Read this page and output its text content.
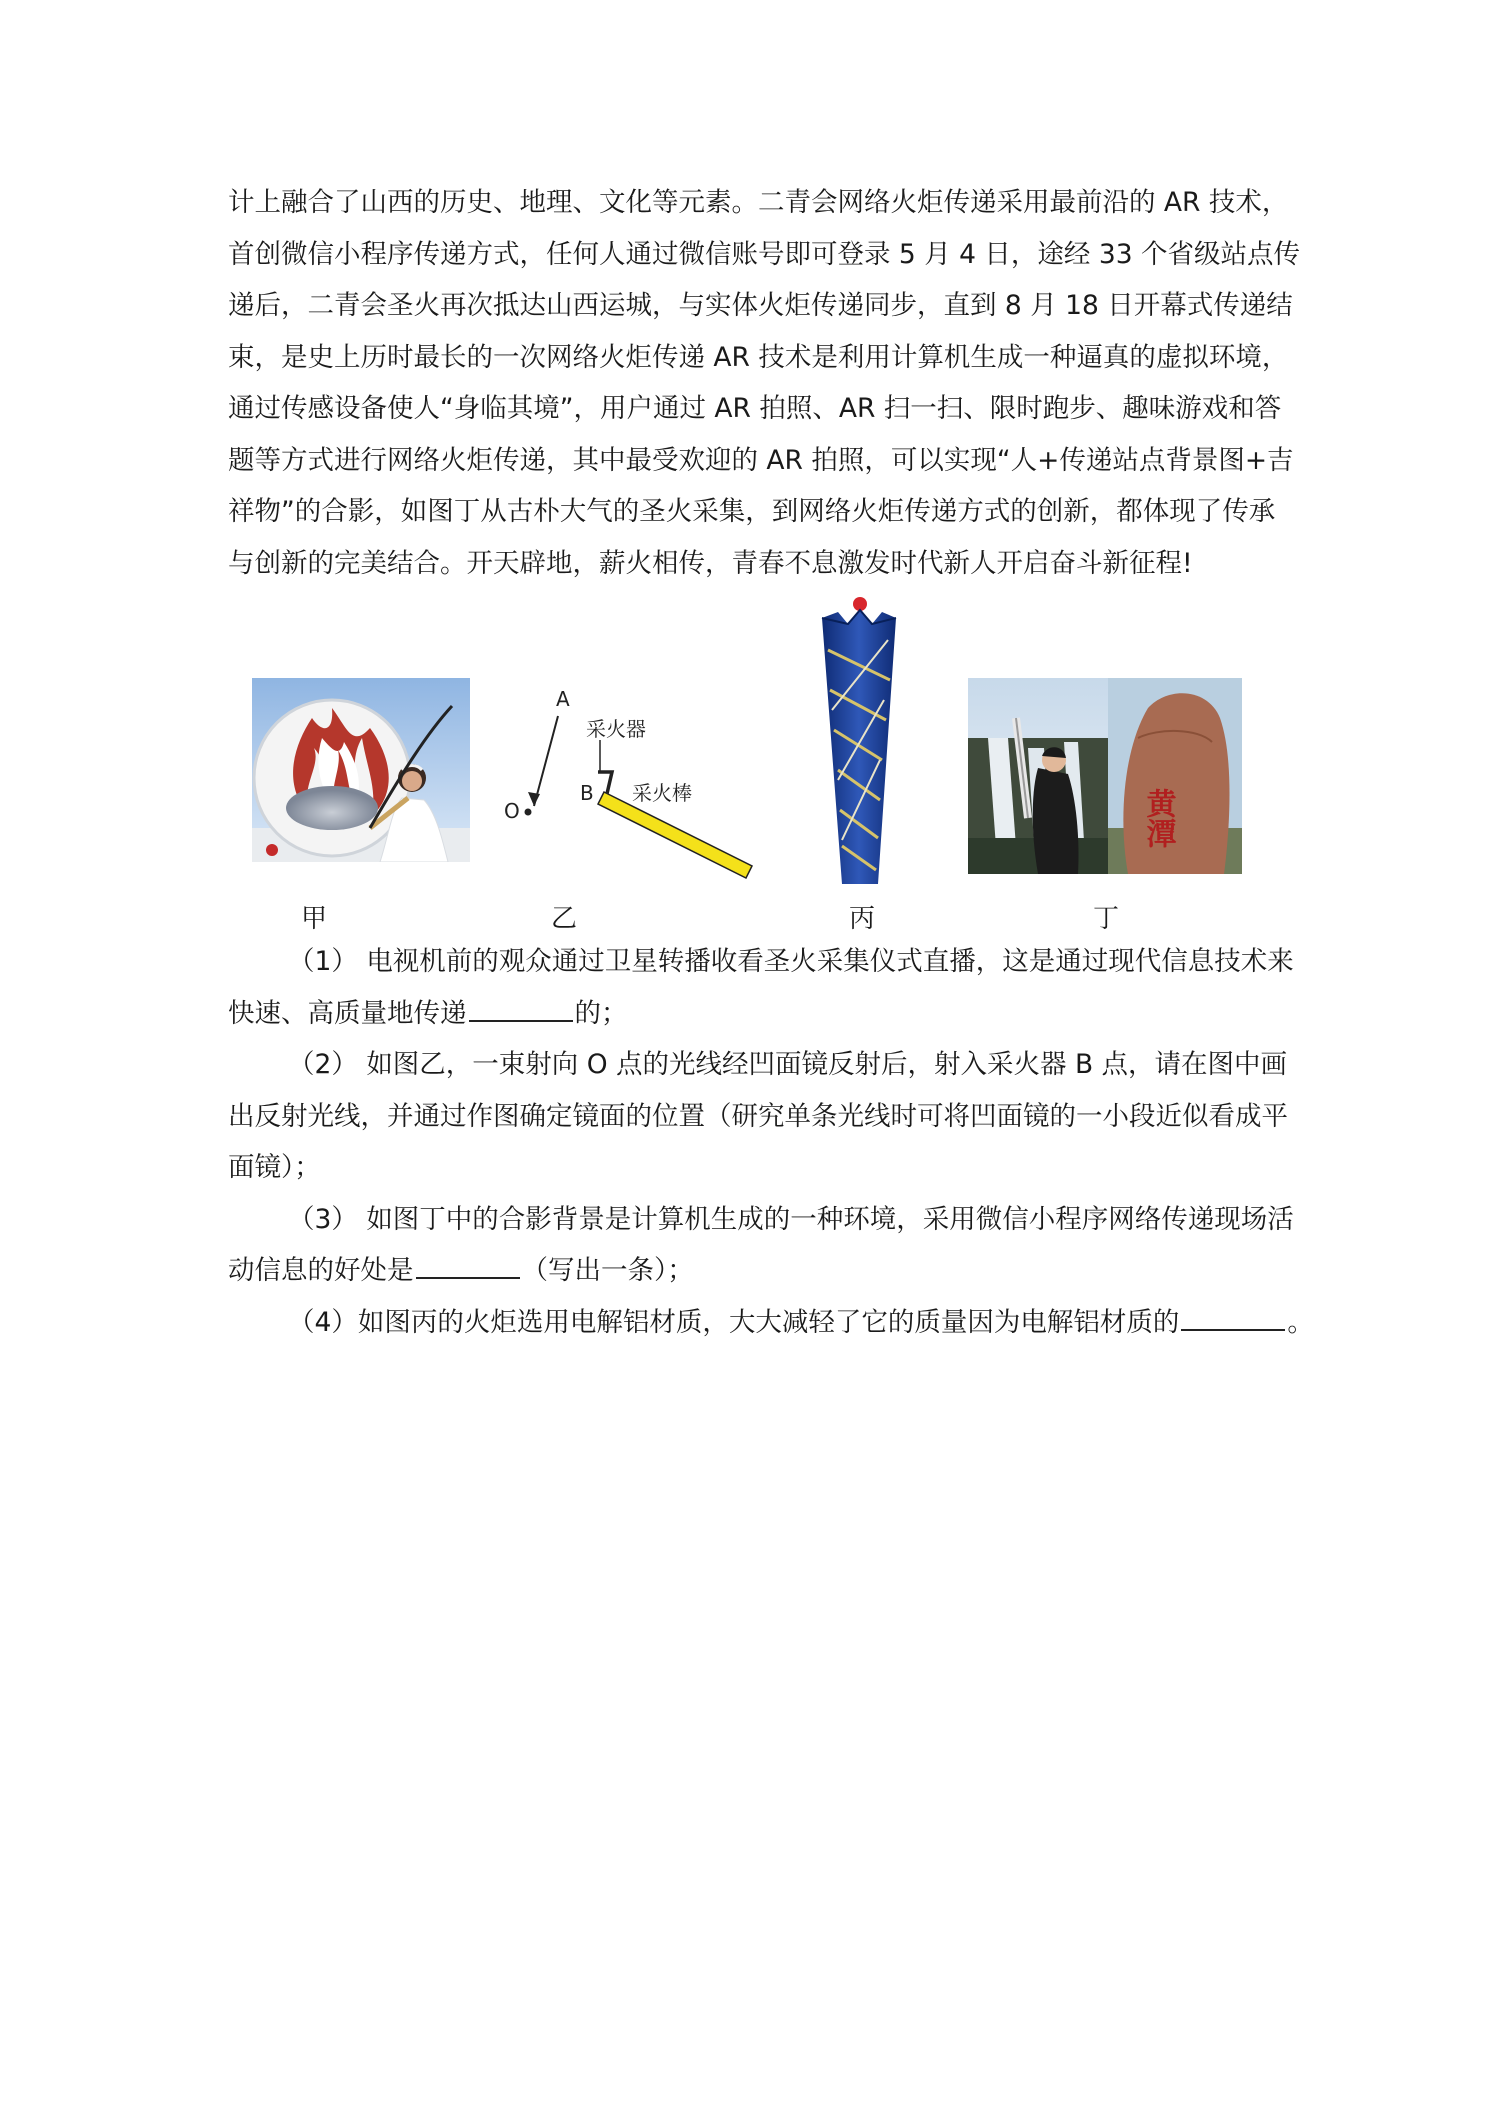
计上融合了山西的历史、地理、文化等元素。二青会网络火炬传递采用最前沿的 AR 技术，
首创微信小程序传递方式，任何人通过微信账号即可登录 5 月 4 日，途经 33 个省级站点传
递后，二青会圣火再次抵达山西运城，与实体火炬传递同步，直到 8 月 18 日开幕式传递结
束，是史上历时最长的一次网络火炬传递 AR 技术是利用计算机生成一种逼真的虚拟环境，
通过传感设备使人“身临其境”，用户通过 AR 拍照、AR 扫一扫、限时跑步、趣味游戏和答
题等方式进行网络火炬传递，其中最受欢迎的 AR 拍照，可以实现“人+传递站点背景图+吉
祥物”的合影，如图丁从古朴大气的圣火采集，到网络火炬传递方式的创新，都体现了传承
与创新的完美结合。开天辟地，薪火相传，青春不息激发时代新人开启奋斗新征程!
甲
A
O
采火器
B 采火棒
乙	丙
黄潭
丁
（1） 电视机前的观众通过卫星转播收看圣火采集仪式直播，这是通过现代信息技术来
快速、高质量地传递	的；
（2） 如图乙，一束射向 O 点的光线经凹面镜反射后，射入采火器 B 点，请在图中画
出反射光线，并通过作图确定镜面的位置（研究单条光线时可将凹面镜的一小段近似看成平
面镜）；
（3） 如图丁中的合影背景是计算机生成的一种环境，采用微信小程序网络传递现场活
动信息的好处是	（写出一条）；
（4）如图丙的火炬选用电解铝材质，大大减轻了它的质量因为电解铝材质的	。
